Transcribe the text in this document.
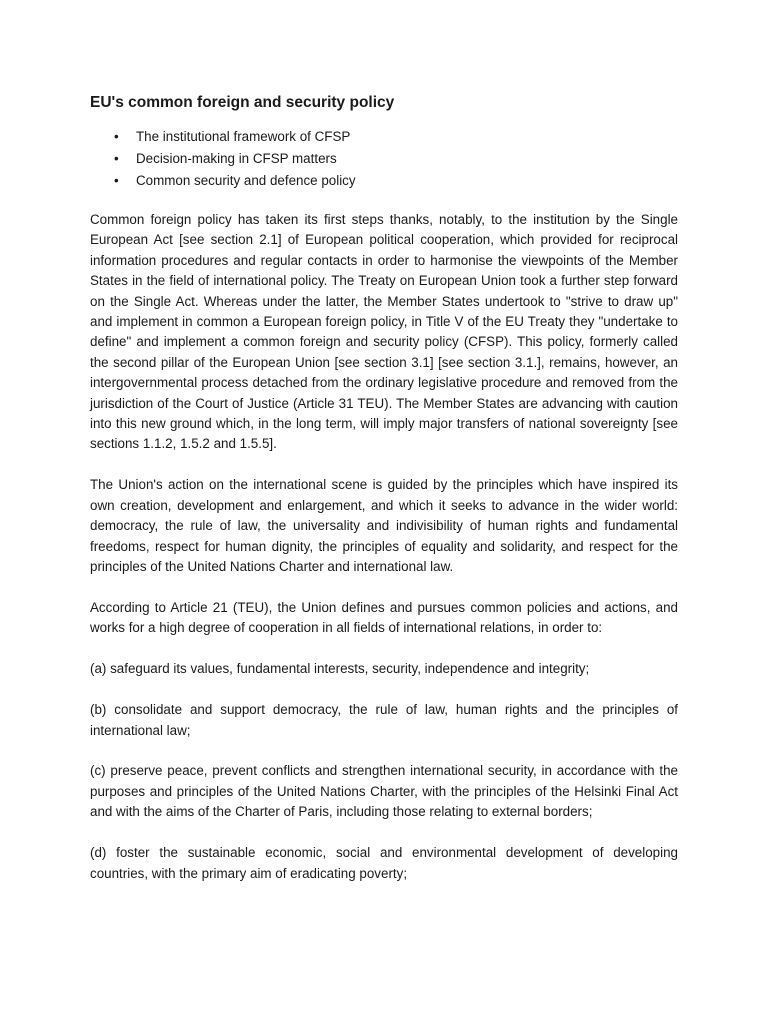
EU's common foreign and security policy
• The institutional framework of CFSP
• Decision-making in CFSP matters
• Common security and defence policy

Common foreign policy has taken its first steps thanks, notably, to the institution by the Single European Act [see section 2.1] of European political cooperation, which provided for reciprocal information procedures and regular contacts in order to harmonise the viewpoints of the Member States in the field of international policy. The Treaty on European Union took a further step forward on the Single Act. Whereas under the latter, the Member States undertook to "strive to draw up" and implement in common a European foreign policy, in Title V of the EU Treaty they "undertake to define" and implement a common foreign and security policy (CFSP). This policy, formerly called the second pillar of the European Union [see section 3.1] [see section 3.1.], remains, however, an intergovernmental process detached from the ordinary legislative procedure and removed from the jurisdiction of the Court of Justice (Article 31 TEU). The Member States are advancing with caution into this new ground which, in the long term, will imply major transfers of national sovereignty [see sections 1.1.2, 1.5.2 and 1.5.5].

The Union's action on the international scene is guided by the principles which have inspired its own creation, development and enlargement, and which it seeks to advance in the wider world: democracy, the rule of law, the universality and indivisibility of human rights and fundamental freedoms, respect for human dignity, the principles of equality and solidarity, and respect for the principles of the United Nations Charter and international law.

According to Article 21 (TEU), the Union defines and pursues common policies and actions, and works for a high degree of cooperation in all fields of international relations, in order to:

(a) safeguard its values, fundamental interests, security, independence and integrity;

(b) consolidate and support democracy, the rule of law, human rights and the principles of international law;

(c) preserve peace, prevent conflicts and strengthen international security, in accordance with the purposes and principles of the United Nations Charter, with the principles of the Helsinki Final Act and with the aims of the Charter of Paris, including those relating to external borders;

(d) foster the sustainable economic, social and environmental development of developing countries, with the primary aim of eradicating poverty;
